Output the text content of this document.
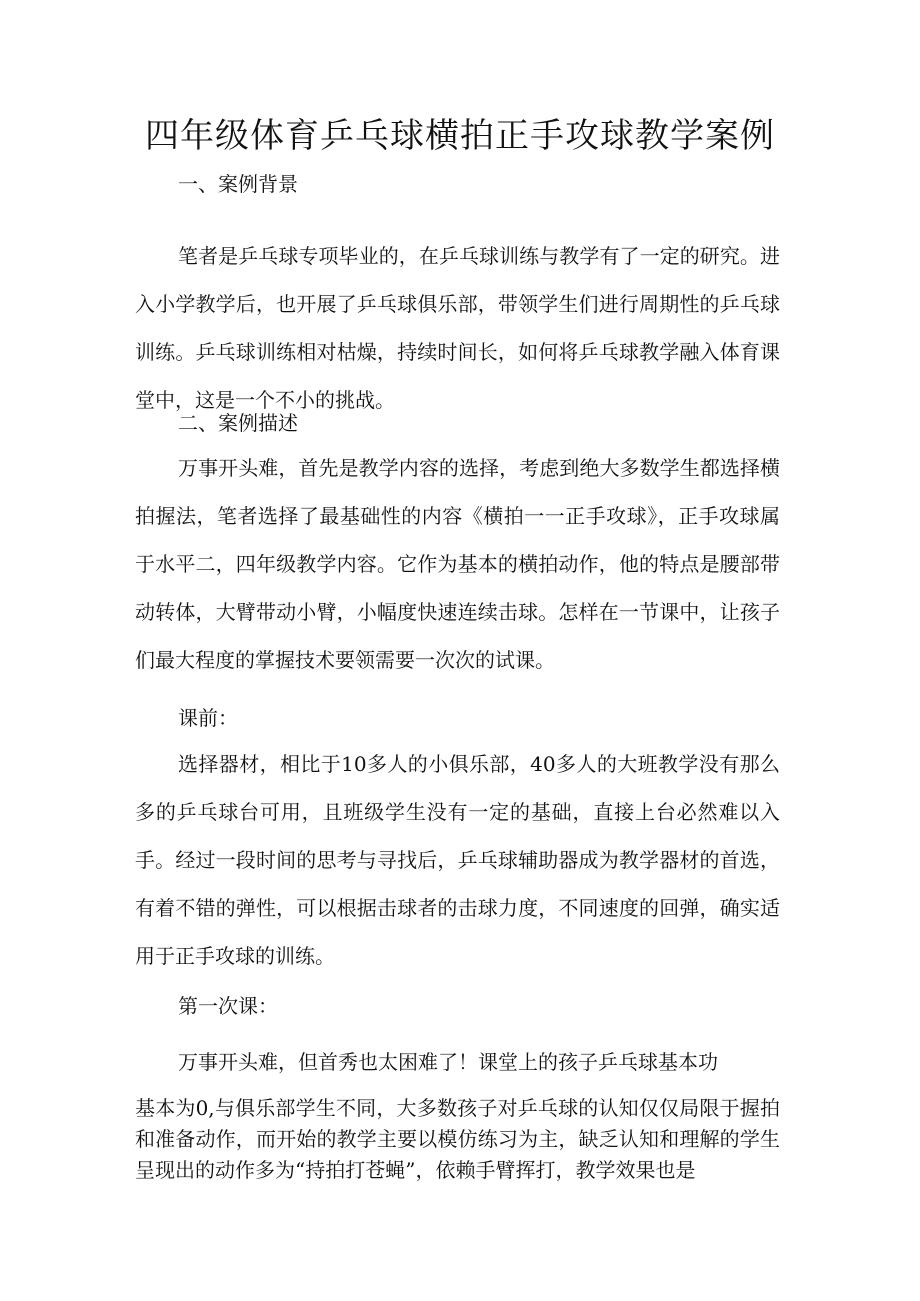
四年级体育乒乓球横拍正手攻球教学案例
一、案例背景
笔者是乒乓球专项毕业的，在乒乓球训练与教学有了一定的研究。进入小学教学后，也开展了乒乓球俱乐部，带领学生们进行周期性的乒乓球训练。乒乓球训练相对枯燥，持续时间长，如何将乒乓球教学融入体育课堂中，这是一个不小的挑战。
二、案例描述
万事开头难，首先是教学内容的选择，考虑到绝大多数学生都选择横拍握法，笔者选择了最基础性的内容《横拍一一正手攻球》，正手攻球属于水平二，四年级教学内容。它作为基本的横拍动作，他的特点是腰部带动转体，大臂带动小臂，小幅度快速连续击球。怎样在一节课中，让孩子们最大程度的掌握技术要领需要一次次的试课。
课前：
选择器材，相比于10多人的小俱乐部，40多人的大班教学没有那么多的乒乓球台可用，且班级学生没有一定的基础，直接上台必然难以入手。经过一段时间的思考与寻找后，乒乓球辅助器成为教学器材的首选，有着不错的弹性，可以根据击球者的击球力度，不同速度的回弹，确实适用于正手攻球的训练。
第一次课：
万事开头难，但首秀也太困难了！课堂上的孩子乒乓球基本功
基本为0,与俱乐部学生不同，大多数孩子对乒乓球的认知仅仅局限于握拍和准备动作，而开始的教学主要以模仿练习为主，缺乏认知和理解的学生呈现出的动作多为“持拍打苍蝇”，依赖手臂挥打，教学效果也是
